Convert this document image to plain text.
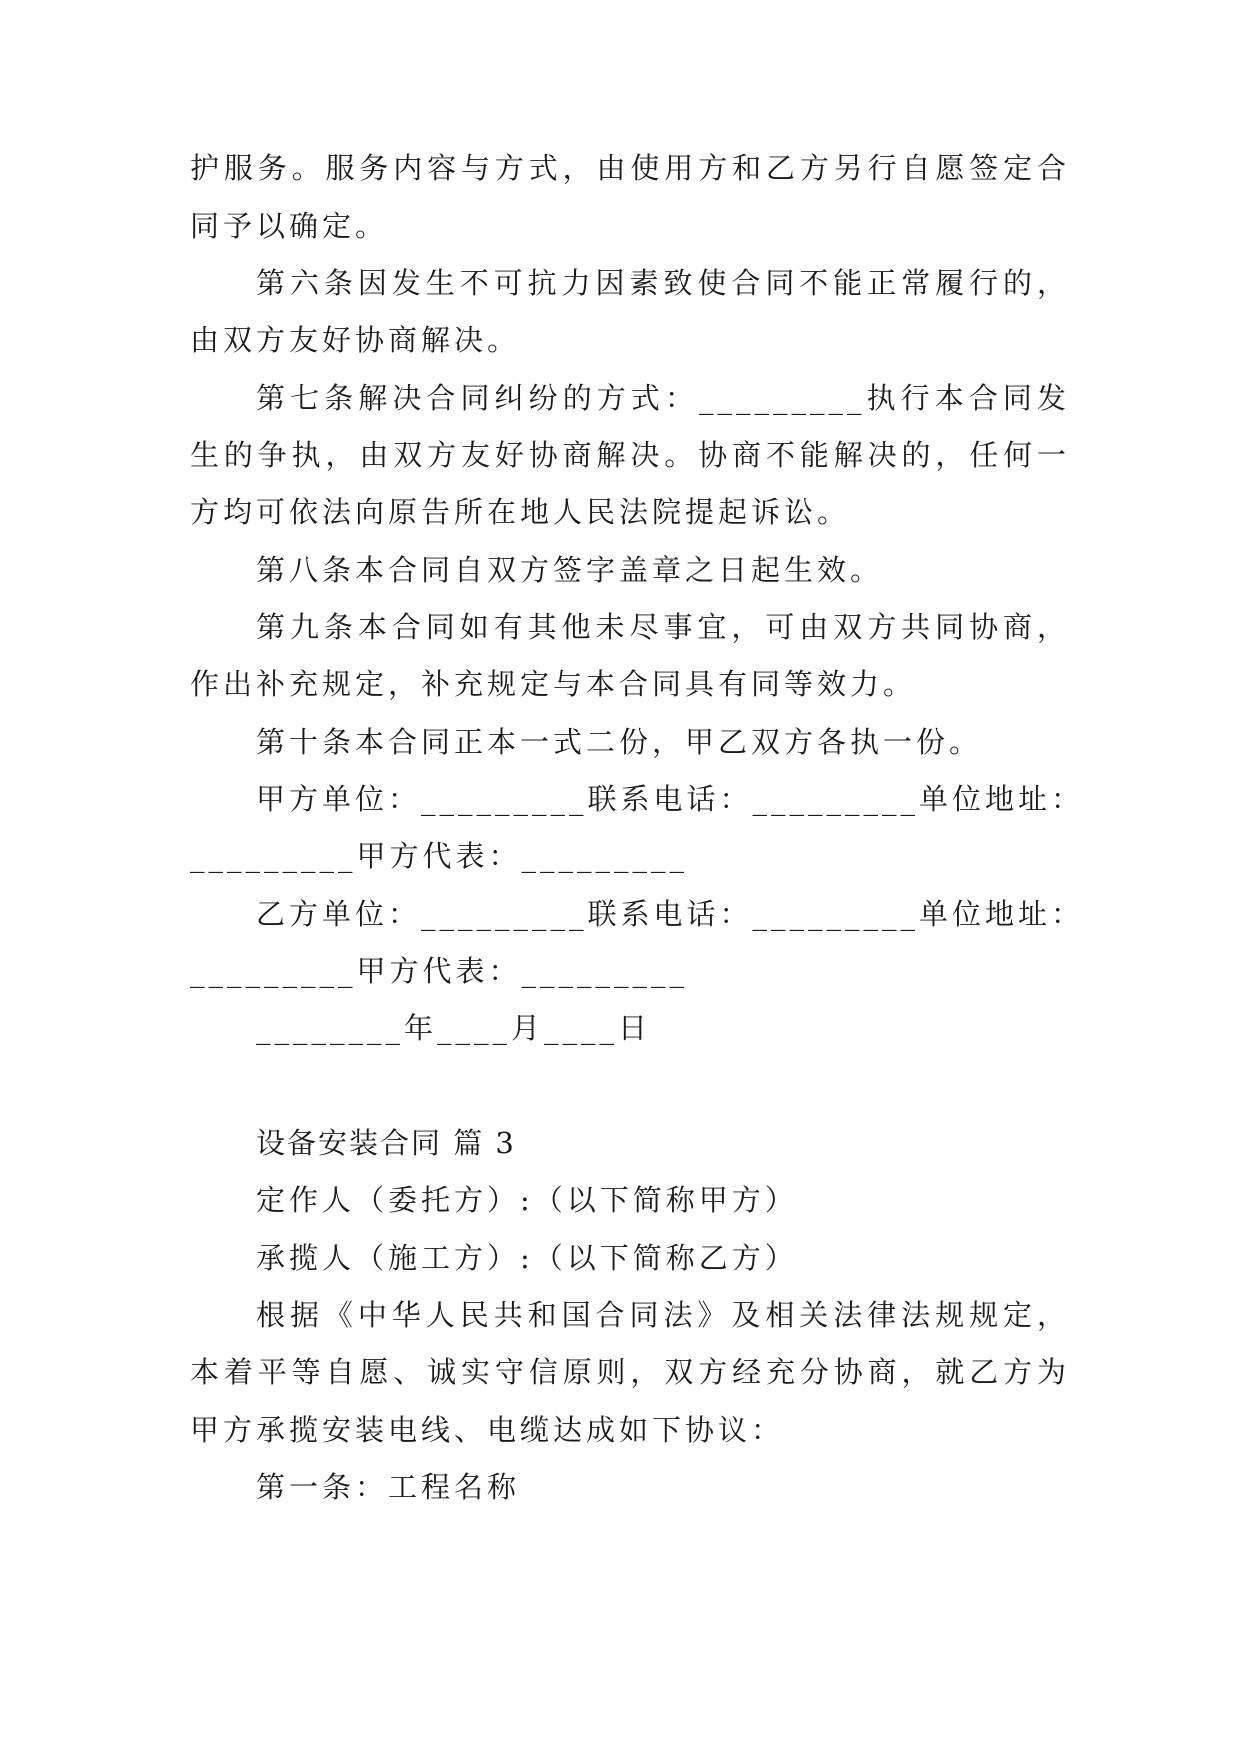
护服务。服务内容与方式，由使用方和乙方另行自愿签定合
同予以确定。
第六条因发生不可抗力因素致使合同不能正常履行的，
由双方友好协商解决。
第七条解决合同纠纷的方式：_________执行本合同发
生的争执，由双方友好协商解决。协商不能解决的，任何一
方均可依法向原告所在地人民法院提起诉讼。
第八条本合同自双方签字盖章之日起生效。
第九条本合同如有其他未尽事宜，可由双方共同协商，
作出补充规定，补充规定与本合同具有同等效力。
第十条本合同正本一式二份，甲乙双方各执一份。
甲方单位：_________联系电话：_________单位地址：
_________甲方代表：_________
乙方单位：_________联系电话：_________单位地址：
_________甲方代表：_________
________年____月____日
设备安装合同 篇 3
定作人（委托方）:（以下简称甲方）
承揽人（施工方）:（以下简称乙方）
根据《中华人民共和国合同法》及相关法律法规规定，
本着平等自愿、诚实守信原则，双方经充分协商，就乙方为
甲方承揽安装电线、电缆达成如下协议：
第一条：工程名称
